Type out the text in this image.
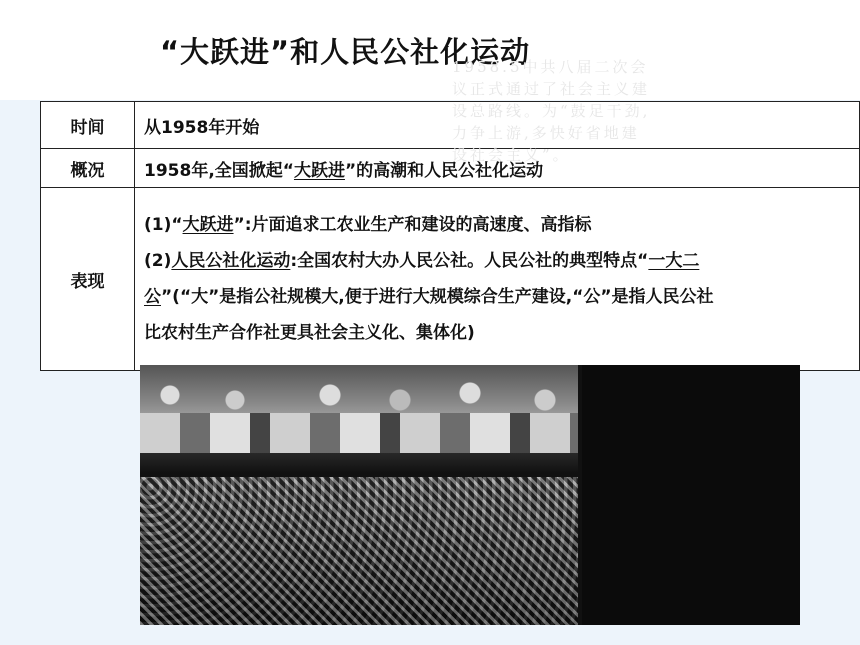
“大跃进”和人民公社化运动
时间	从1958年开始
概况	1958年,全国掀起“大跃进”的高潮和人民公社化运动
表现	(1)“大跃进”:片面追求工农业生产和建设的高速度、高指标
(2)人民公社化运动:全国农村大办人民公社。人民公社的典型特点“一大二
公”(“大”是指公社规模大,便于进行大规模综合生产建设,“公”是指人民公社
比农村生产合作社更具社会主义化、集体化)
1958.5中共八届二次会议正式通过了社会主义建设总路线。为“鼓足干劲,力争上游,多快好省地建设社会主义”。
